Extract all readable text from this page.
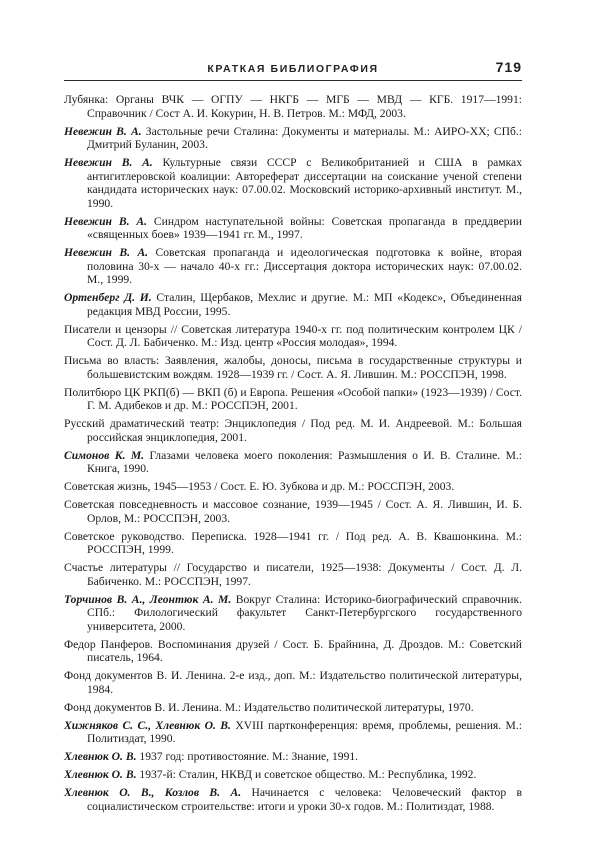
КРАТКАЯ БИБЛИОГРАФИЯ	719

Лубянка: Органы ВЧК — ОГПУ — НКГБ — МГБ — МВД — КГБ. 1917—1991: Справочник / Сост А. И. Кокурин, Н. В. Петров. М.: МФД, 2003.

Невежин В. А. Застольные речи Сталина: Документы и материалы. М.: АИРО-XX; СПб.: Дмитрий Буланин, 2003.

Невежин В. А. Культурные связи СССР с Великобританией и США в рамках антигитлеровской коалиции: Автореферат диссертации на соискание ученой степени кандидата исторических наук: 07.00.02. Московский историко-архивный институт. М., 1990.

Невежин В. А. Синдром наступательной войны: Советская пропаганда в преддверии «священных боев» 1939—1941 гг. М., 1997.

Невежин В. А. Советская пропаганда и идеологическая подготовка к войне, вторая половина 30-х — начало 40-х гг.: Диссертация доктора исторических наук: 07.00.02. М., 1999.

Ортенберг Д. И. Сталин, Щербаков, Мехлис и другие. М.: МП «Кодекс», Объединенная редакция МВД России, 1995.

Писатели и цензоры // Советская литература 1940-х гг. под политическим контролем ЦК / Сост. Д. Л. Бабиченко. М.: Изд. центр «Россия молодая», 1994.

Письма во власть: Заявления, жалобы, доносы, письма в государственные структуры и большевистским вождям. 1928—1939 гг. / Сост. А. Я. Лившин. М.: РОССПЭН, 1998.

Политбюро ЦК РКП(б) — ВКП (б) и Европа. Решения «Особой папки» (1923—1939) / Сост. Г. М. Адибеков и др. М.: РОССПЭН, 2001.

Русский драматический театр: Энциклопедия / Под ред. М. И. Андреевой. М.: Большая российская энциклопедия, 2001.

Симонов К. М. Глазами человека моего поколения: Размышления о И. В. Сталине. М.: Книга, 1990.

Советская жизнь, 1945—1953 / Сост. Е. Ю. Зубкова и др. М.: РОССПЭН, 2003.

Советская повседневность и массовое сознание, 1939—1945 / Сост. А. Я. Лившин, И. Б. Орлов, М.: РОССПЭН, 2003.

Советское руководство. Переписка. 1928—1941 гг. / Под ред. А. В. Квашонкина. М.: РОССПЭН, 1999.

Счастье литературы // Государство и писатели, 1925—1938: Документы / Сост. Д. Л. Бабиченко. М.: РОССПЭН, 1997.

Торчинов В. А., Леонтюк А. М. Вокруг Сталина: Историко-биографический справочник. СПб.: Филологический факультет Санкт-Петербургского государственного университета, 2000.

Федор Панферов. Воспоминания друзей / Сост. Б. Брайнина, Д. Дроздов. М.: Советский писатель, 1964.

Фонд документов В. И. Ленина. 2-е изд., доп. М.: Издательство политической литературы, 1984.

Фонд документов В. И. Ленина. М.: Издательство политической литературы, 1970.

Хижняков С. С., Хлевнюк О. В. XVIII партконференция: время, проблемы, решения. М.: Политиздат, 1990.

Хлевнюк О. В. 1937 год: противостояние. М.: Знание, 1991.

Хлевнюк О. В. 1937-й: Сталин, НКВД и советское общество. М.: Республика, 1992.

Хлевнюк О. В., Козлов В. А. Начинается с человека: Человеческий фактор в социалистическом строительстве: итоги и уроки 30-х годов. М.: Политиздат, 1988.
